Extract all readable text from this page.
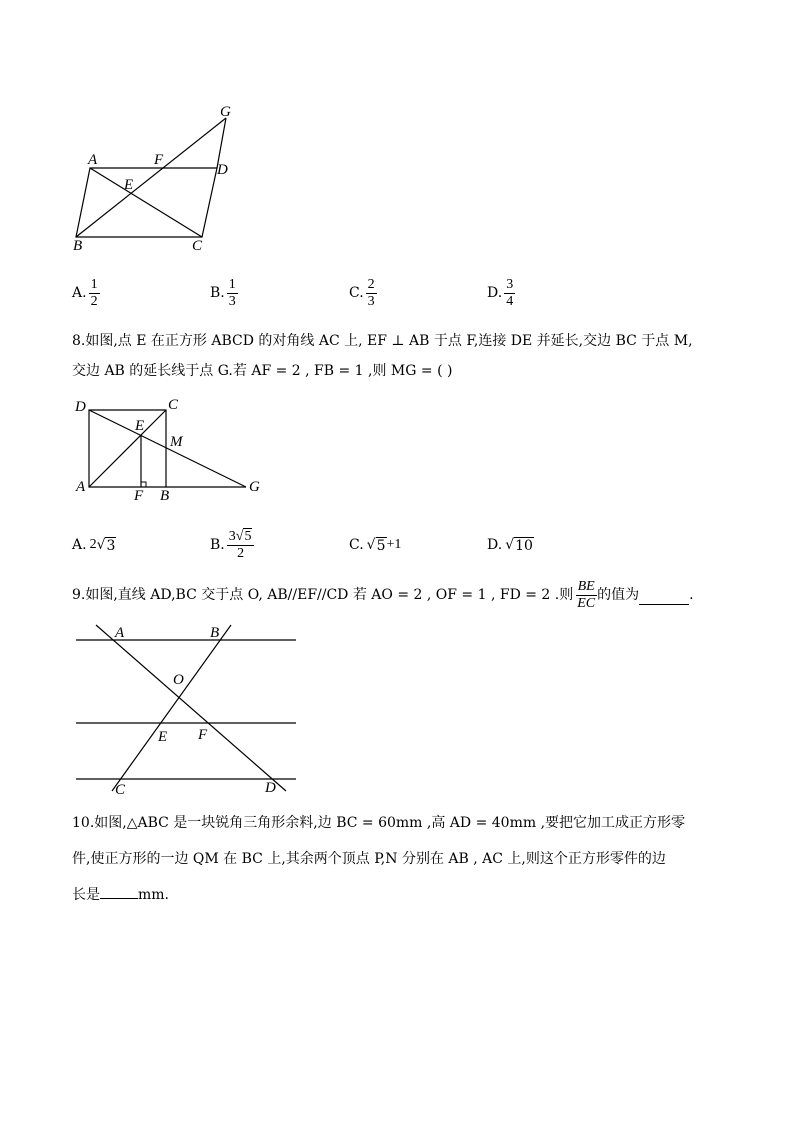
A	F
G
D
E
B	C
A. $\frac{1}{2}$	B. $\frac{1}{3}$	C. $\frac{2}{3}$	D. $\frac{3}{4}$
8.如图,点 E 在正方形 ABCD 的对角线 AC 上, EF ⊥ AB 于点 F,连接 DE 并延长,交边 BC 于点 M,
交边 AB 的延长线于点 G.若 AF = 2 , FB = 1 ,则 MG = ( )
D	C
E
M
A
F B
G
A. 2 √ 3	B. $\frac{3√5}{2}$	C. √ 5 +1	D. √ 10
9.如图,直线 AD,BC 交于点 O, AB//EF//CD 若 AO = 2 , OF = 1 , FD = 2 .则 $\frac{BE}{EC}$ 的值为	.
A	B
O
E F
C	D
10.如图,△ABC 是一块锐角三角形余料,边 BC = 60mm ,高 AD = 40mm ,要把它加工成正方形零
件,使正方形的一边 QM 在 BC 上,其余两个顶点 P,N 分别在 AB , AC 上,则这个正方形零件的边
长是	mm.
